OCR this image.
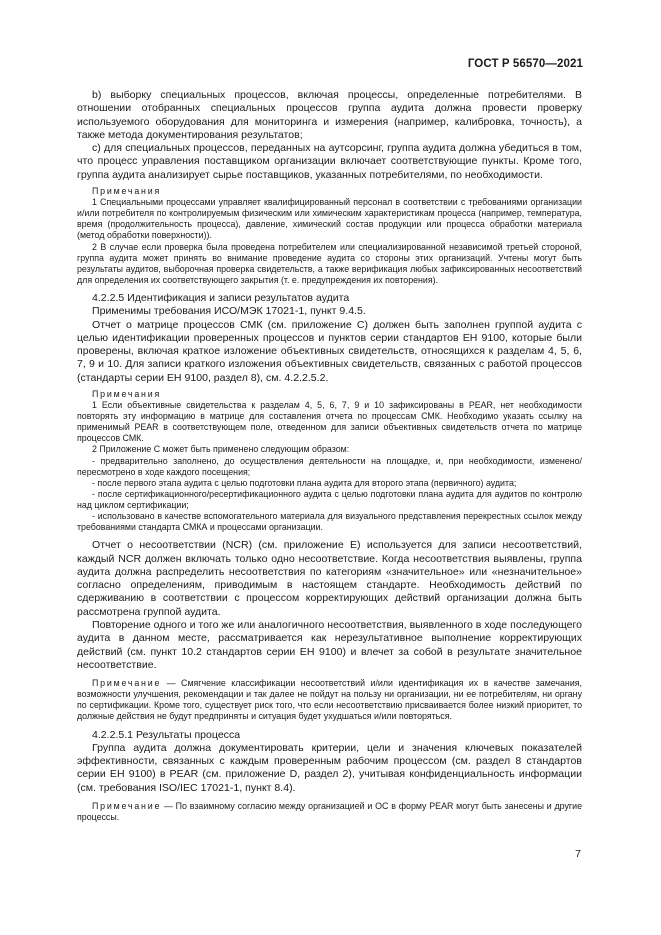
ГОСТ Р 56570—2021

b) выборку специальных процессов, включая процессы, определенные потребителями. В отношении отобранных специальных процессов группа аудита должна провести проверку используемого оборудования для мониторинга и измерения (например, калибровка, точность), а также метода документирования результатов;

c) для специальных процессов, переданных на аутсорсинг, группа аудита должна убедиться в том, что процесс управления поставщиком организации включает соответствующие пункты. Кроме того, группа аудита анализирует сырье поставщиков, указанных потребителями, по необходимости.

Примечания

1 Специальными процессами управляет квалифицированный персонал в соответствии с требованиями организации и/или потребителя по контролируемым физическим или химическим характеристикам процесса (например, температура, время (продолжительность процесса), давление, химический состав продукции или процесса обработки материала (метод обработки поверхности)).

2 В случае если проверка была проведена потребителем или специализированной независимой третьей стороной, группа аудита может принять во внимание проведение аудита со стороны этих организаций. Учтены могут быть результаты аудитов, выборочная проверка свидетельств, а также верификация любых зафиксированных несоответствий для определения их соответствующего закрытия (т. е. предупреждения их повторения).

4.2.2.5 Идентификация и записи результатов аудита

Применимы требования ИСО/МЭК 17021-1, пункт 9.4.5.

Отчет о матрице процессов СМК (см. приложение С) должен быть заполнен группой аудита с целью идентификации проверенных процессов и пунктов серии стандартов ЕН 9100, которые были проверены, включая краткое изложение объективных свидетельств, относящихся к разделам 4, 5, 6, 7, 9 и 10. Для записи краткого изложения объективных свидетельств, связанных с работой процессов (стандарты серии ЕН 9100, раздел 8), см. 4.2.2.5.2.

Примечания

1 Если объективные свидетельства к разделам 4, 5, 6, 7, 9 и 10 зафиксированы в PEAR, нет необходимости повторять эту информацию в матрице для составления отчета по процессам СМК. Необходимо указать ссылку на применимый PEAR в соответствующем поле, отведенном для записи объективных свидетельств отчета по матрице процессов СМК.

2 Приложение С может быть применено следующим образом:

- предварительно заполнено, до осуществления деятельности на площадке, и, при необходимости, изменено/пересмотрено в ходе каждого посещения;

- после первого этапа аудита с целью подготовки плана аудита для второго этапа (первичного) аудита;

- после сертификационного/ресертификационного аудита с целью подготовки плана аудита для аудитов по контролю над циклом сертификации;

- использовано в качестве вспомогательного материала для визуального представления перекрестных ссылок между требованиями стандарта СМКА и процессами организации.

Отчет о несоответствии (NCR) (см. приложение Е) используется для записи несоответствий, каждый NCR должен включать только одно несоответствие. Когда несоответствия выявлены, группа аудита должна распределить несоответствия по категориям «значительное» или «незначительное» согласно определениям, приводимым в настоящем стандарте. Необходимость действий по сдерживанию в соответствии с процессом корректирующих действий организации должна быть рассмотрена группой аудита.

Повторение одного и того же или аналогичного несоответствия, выявленного в ходе последующего аудита в данном месте, рассматривается как нерезультативное выполнение корректирующих действий (см. пункт 10.2 стандартов серии ЕН 9100) и влечет за собой в результате значительное несоответствие.

Примечание — Смягчение классификации несоответствий и/или идентификация их в качестве замечания, возможности улучшения, рекомендации и так далее не пойдут на пользу ни организации, ни ее потребителям, ни органу по сертификации. Кроме того, существует риск того, что если несоответствию присваивается более низкий приоритет, то должные действия не будут предприняты и ситуация будет ухудшаться и/или повторяться.

4.2.2.5.1 Результаты процесса

Группа аудита должна документировать критерии, цели и значения ключевых показателей эффективности, связанных с каждым проверенным рабочим процессом (см. раздел 8 стандартов серии ЕН 9100) в PEAR (см. приложение D, раздел 2), учитывая конфиденциальность информации (см. требования ISO/IEC 17021-1, пункт 8.4).

Примечание — По взаимному согласию между организацией и ОС в форму PEAR могут быть занесены и другие процессы.

7
